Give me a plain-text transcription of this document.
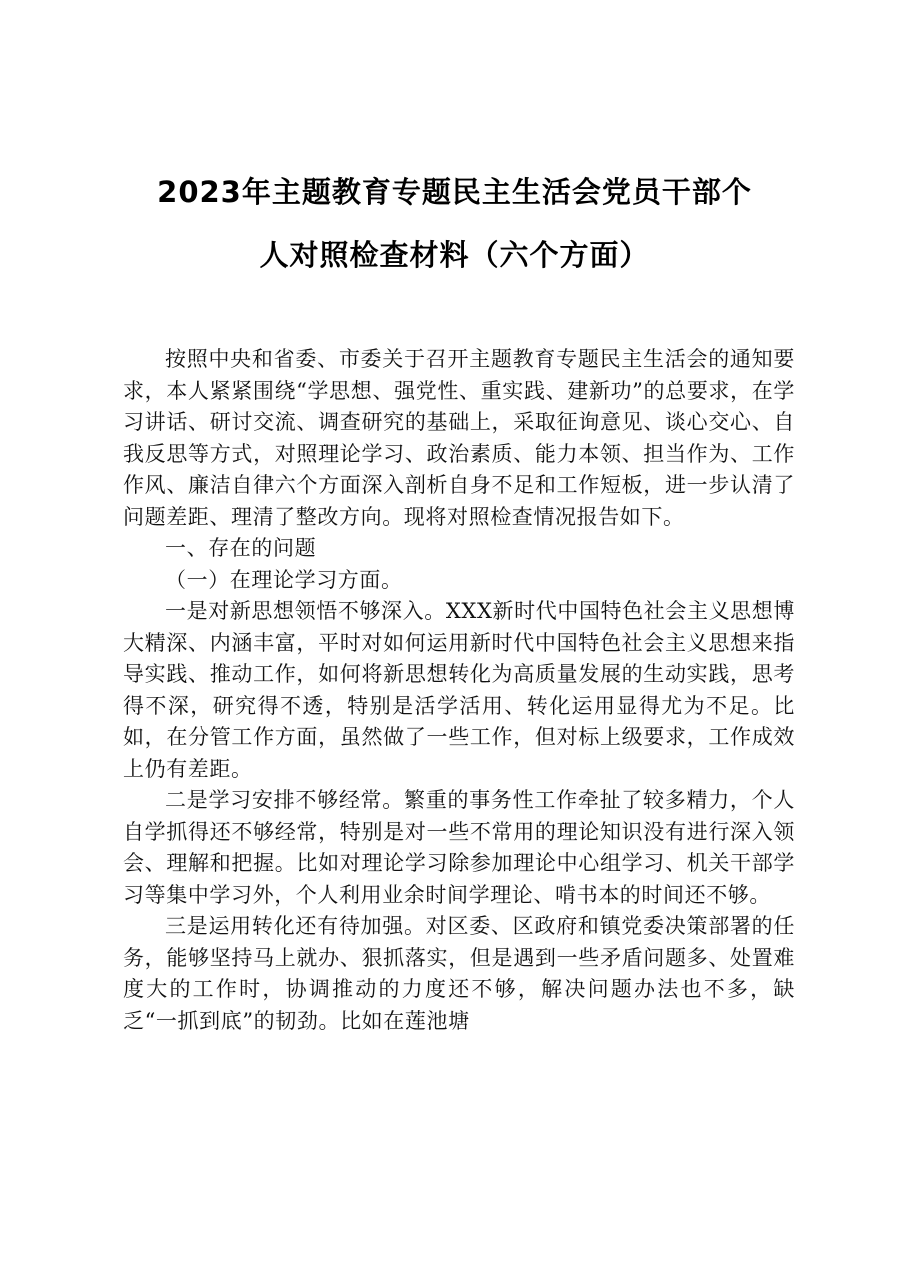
2023年主题教育专题民主生活会党员干部个
人对照检查材料（六个方面）

按照中央和省委、市委关于召开主题教育专题民主生活会的通知要求，本人紧紧围绕“学思想、强党性、重实践、建新功”的总要求，在学习讲话、研讨交流、调查研究的基础上，采取征询意见、谈心交心、自我反思等方式，对照理论学习、政治素质、能力本领、担当作为、工作作风、廉洁自律六个方面深入剖析自身不足和工作短板，进一步认清了问题差距、理清了整改方向。现将对照检查情况报告如下。

一、存在的问题

（一）在理论学习方面。

一是对新思想领悟不够深入。XXX新时代中国特色社会主义思想博大精深、内涵丰富，平时对如何运用新时代中国特色社会主义思想来指导实践、推动工作，如何将新思想转化为高质量发展的生动实践，思考得不深，研究得不透，特别是活学活用、转化运用显得尤为不足。比如，在分管工作方面，虽然做了一些工作，但对标上级要求，工作成效上仍有差距。

二是学习安排不够经常。繁重的事务性工作牵扯了较多精力，个人自学抓得还不够经常，特别是对一些不常用的理论知识没有进行深入领会、理解和把握。比如对理论学习除参加理论中心组学习、机关干部学习等集中学习外，个人利用业余时间学理论、啃书本的时间还不够。

三是运用转化还有待加强。对区委、区政府和镇党委决策部署的任务，能够坚持马上就办、狠抓落实，但是遇到一些矛盾问题多、处置难度大的工作时，协调推动的力度还不够，解决问题办法也不多，缺乏“一抓到底”的韧劲。比如在莲池塘
